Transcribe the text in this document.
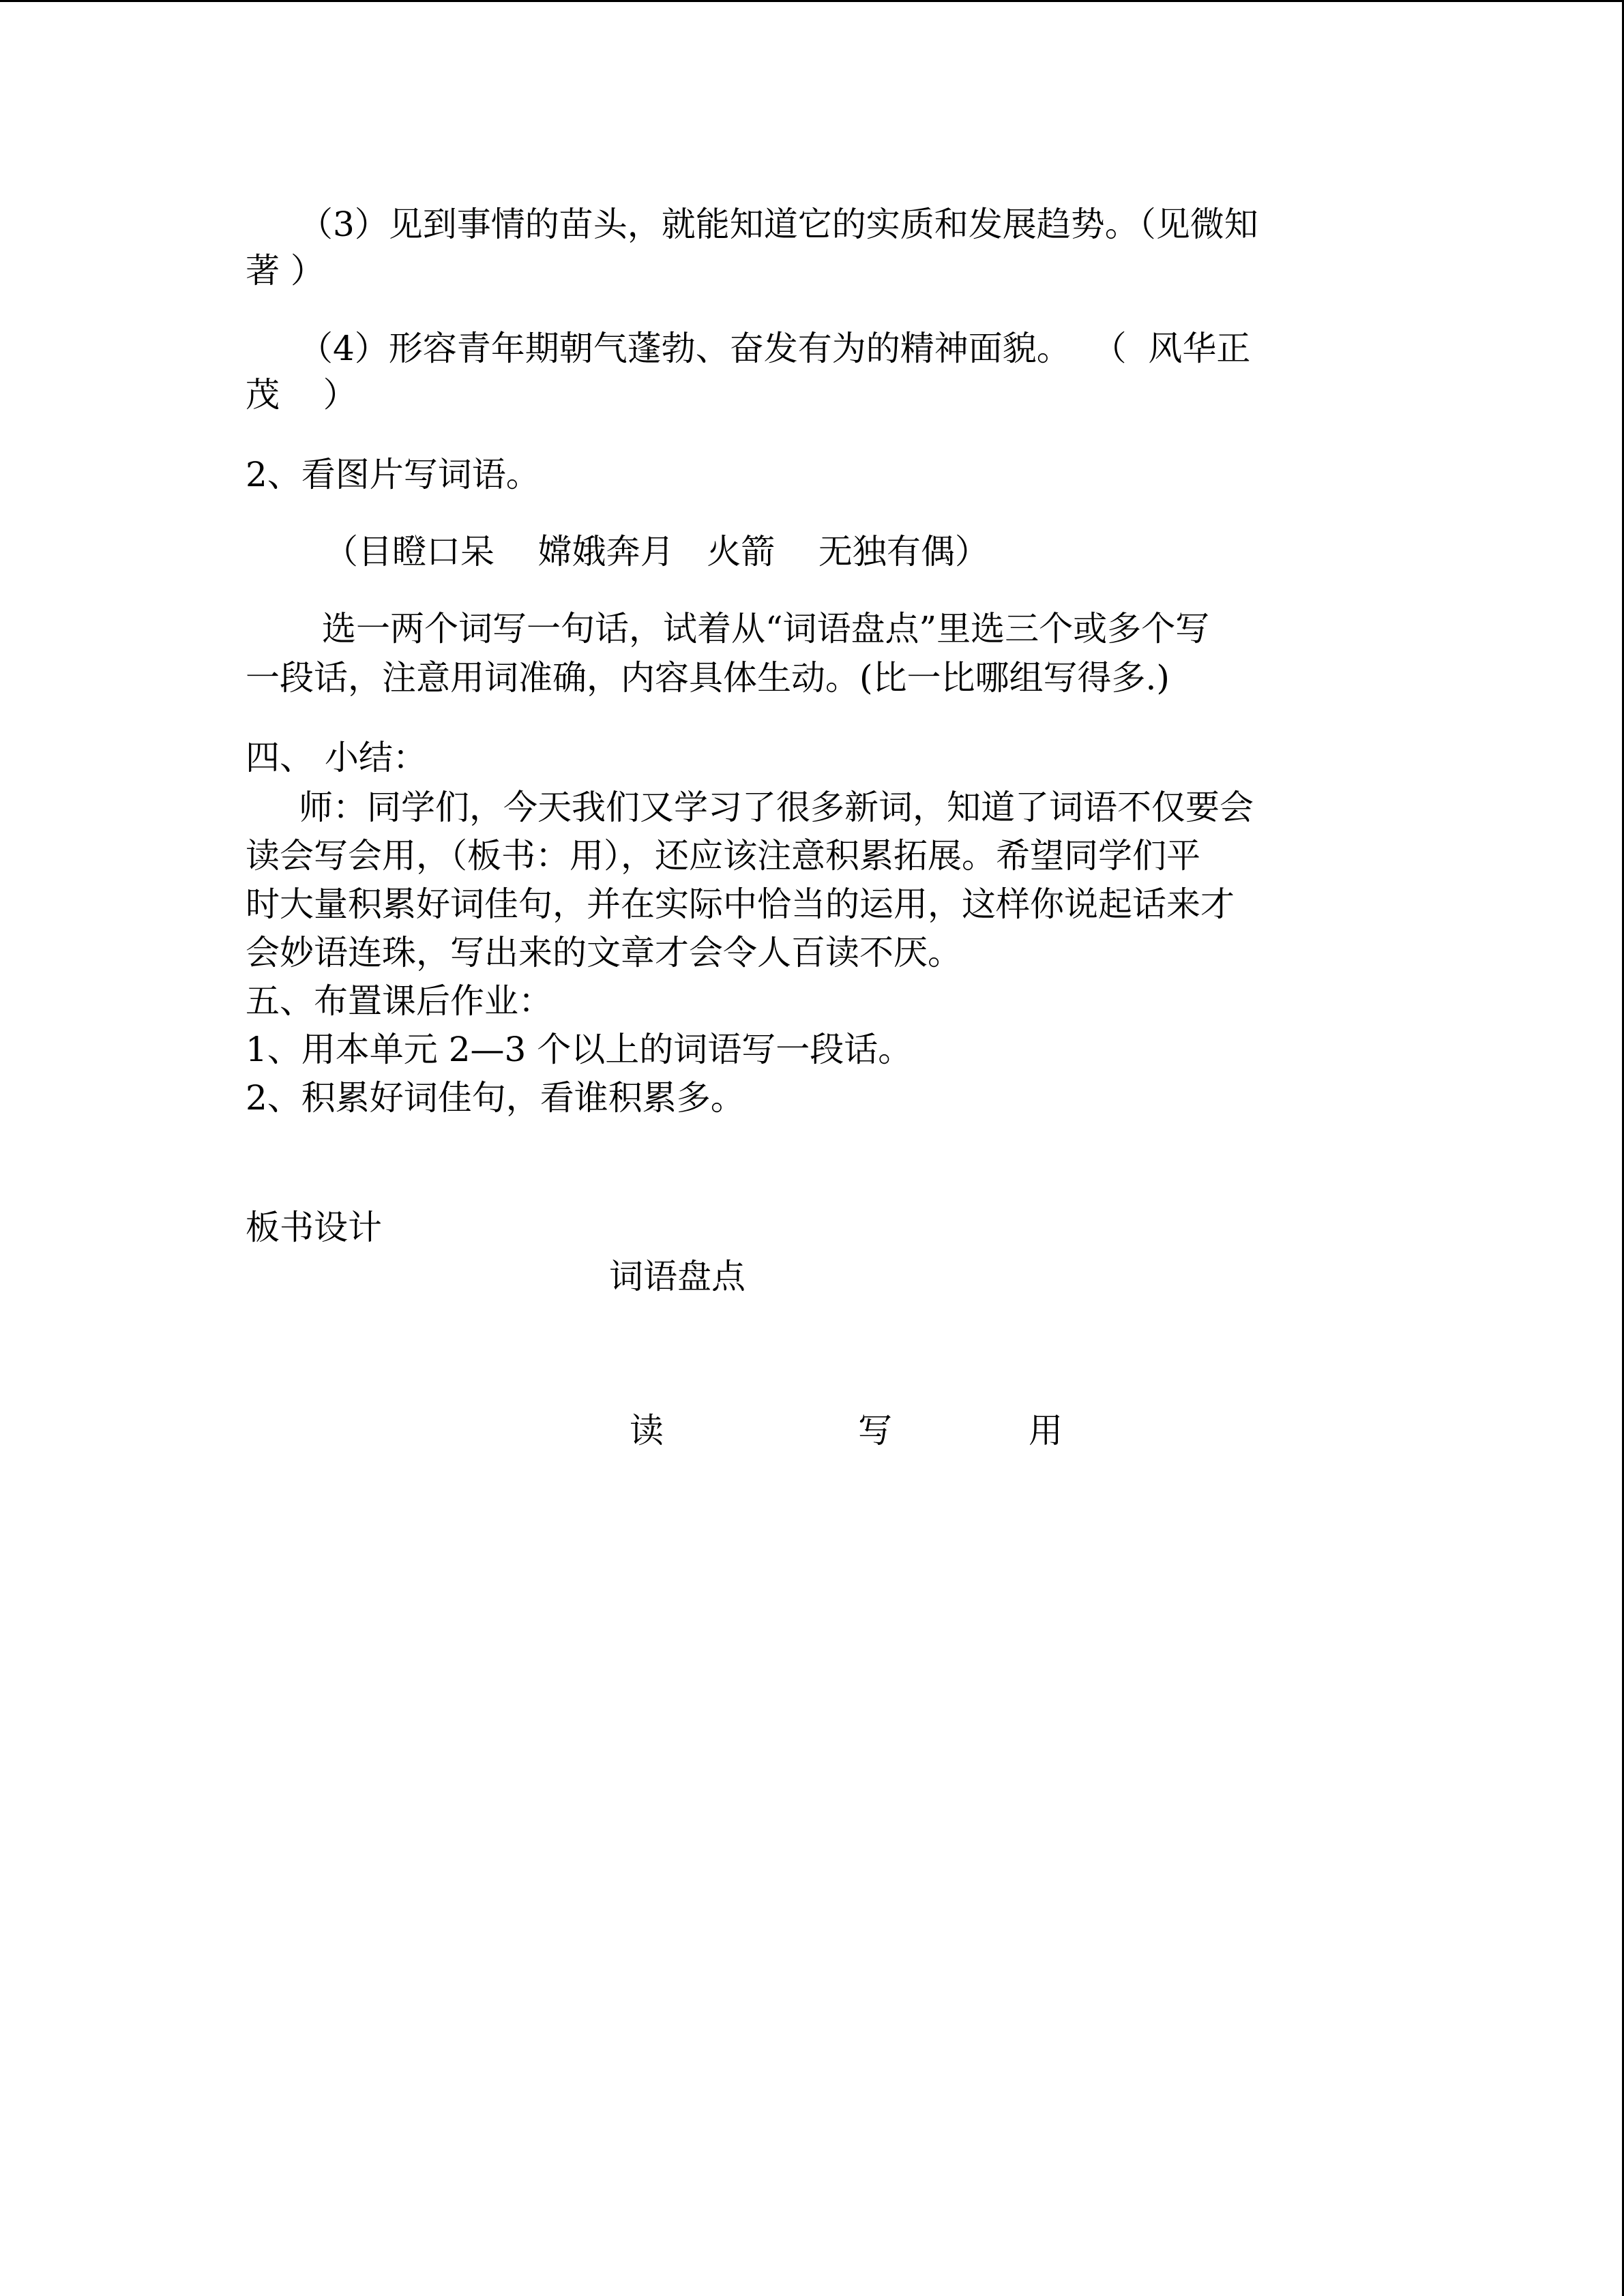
（3）见到事情的苗头，就能知道它的实质和发展趋势。（见微知
著 ）
（4）形容青年期朝气蓬勃、奋发有为的精神面貌。  （  风华正
茂    ）
2、看图片写词语。
（目瞪口呆    嫦娥奔月   火箭    无独有偶）
选一两个词写一句话，试着从“词语盘点”里选三个或多个写
一段话，注意用词准确，内容具体生动。(比一比哪组写得多.)
四、 小结：
师：同学们，今天我们又学习了很多新词，知道了词语不仅要会
读会写会用，（板书：用），还应该注意积累拓展。希望同学们平
时大量积累好词佳句，并在实际中恰当的运用，这样你说起话来才
会妙语连珠，写出来的文章才会令人百读不厌。
五、布置课后作业：
1、用本单元 2—3 个以上的词语写一段话。
2、积累好词佳句，看谁积累多。
板书设计
词语盘点
读	写	用
